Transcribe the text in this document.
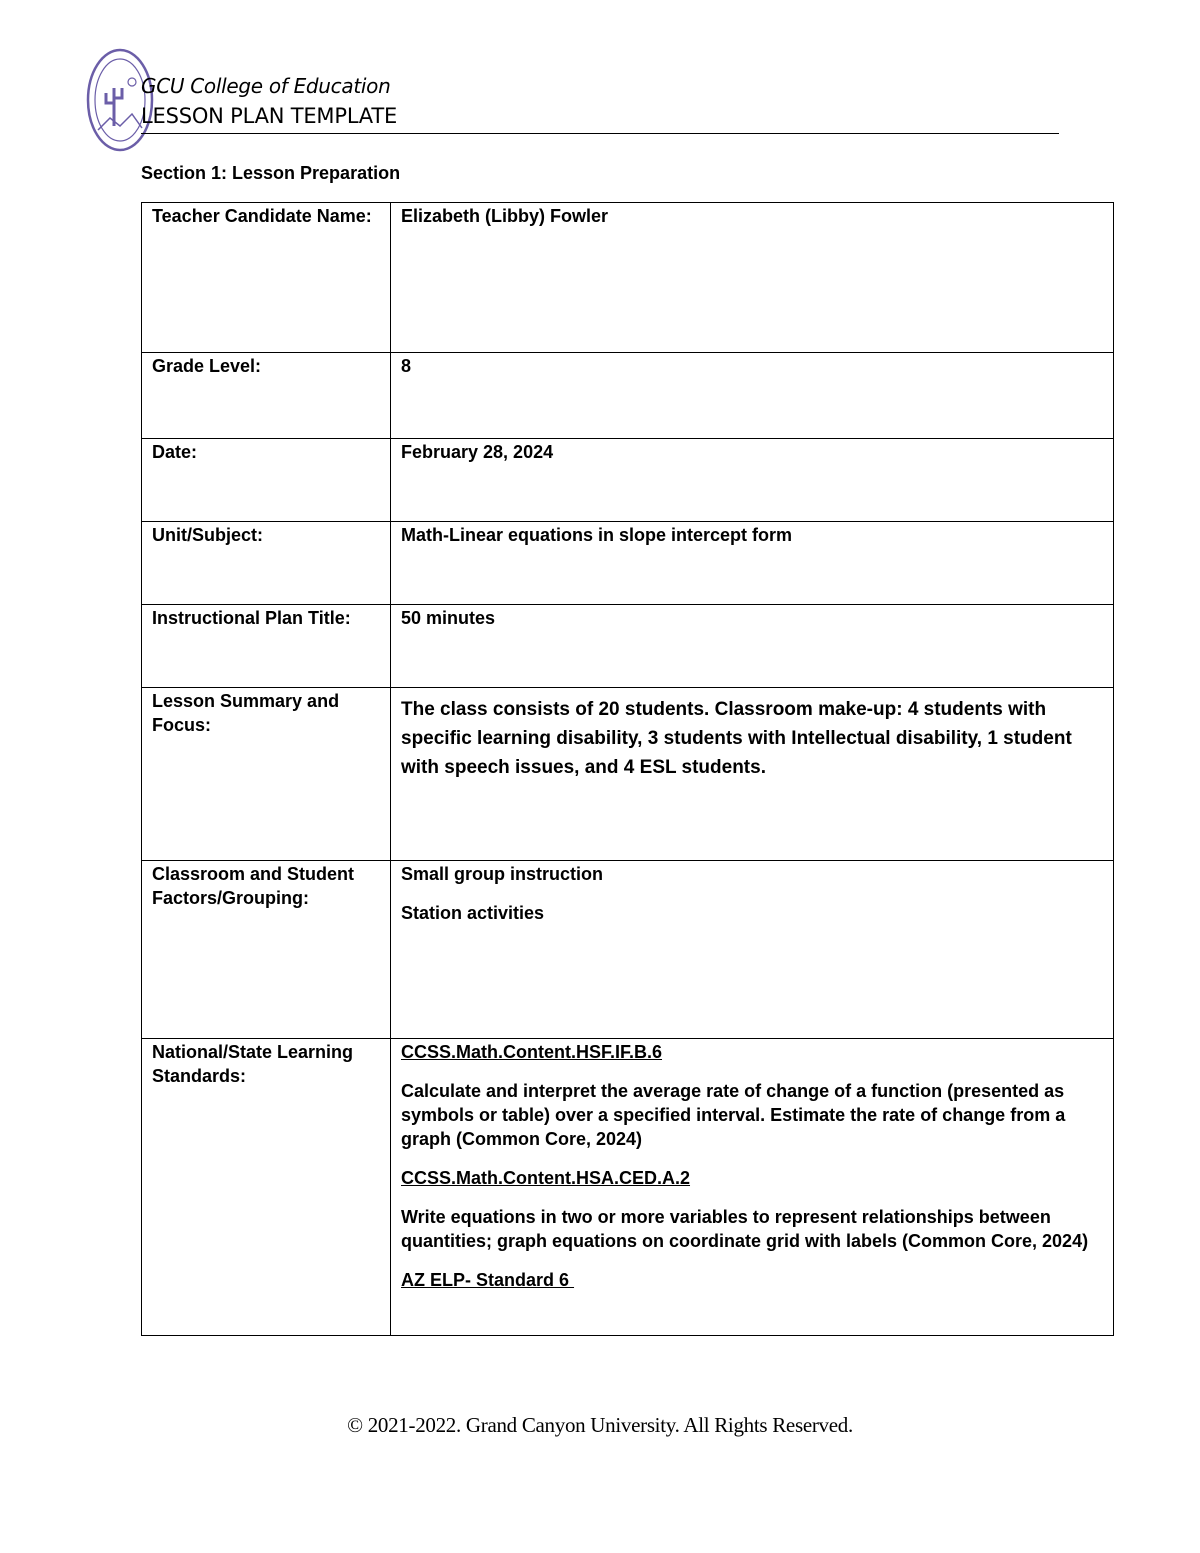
GCU College of Education
LESSON PLAN TEMPLATE
Section 1: Lesson Preparation
Teacher Candidate Name:	Elizabeth (Libby) Fowler
Grade Level:	8
Date:	February 28, 2024
Unit/Subject:	Math-Linear equations in slope intercept form
Instructional Plan Title:	50 minutes
Lesson Summary and Focus:	The class consists of 20 students. Classroom make-up: 4 students with specific learning disability, 3 students with Intellectual disability, 1 student with speech issues, and 4 ESL students.

Classroom and Student Factors/Grouping:	Small group instruction
Station activities

National/State Learning Standards:	CCSS.Math.Content.HSF.IF.B.6
Calculate and interpret the average rate of change of a function (presented as symbols or table) over a specified interval. Estimate the rate of change from a graph (Common Core, 2024)
CCSS.Math.Content.HSA.CED.A.2
Write equations in two or more variables to represent relationships between quantities; graph equations on coordinate grid with labels (Common Core, 2024)
AZ ELP- Standard 6
© 2021-2022. Grand Canyon University. All Rights Reserved.
